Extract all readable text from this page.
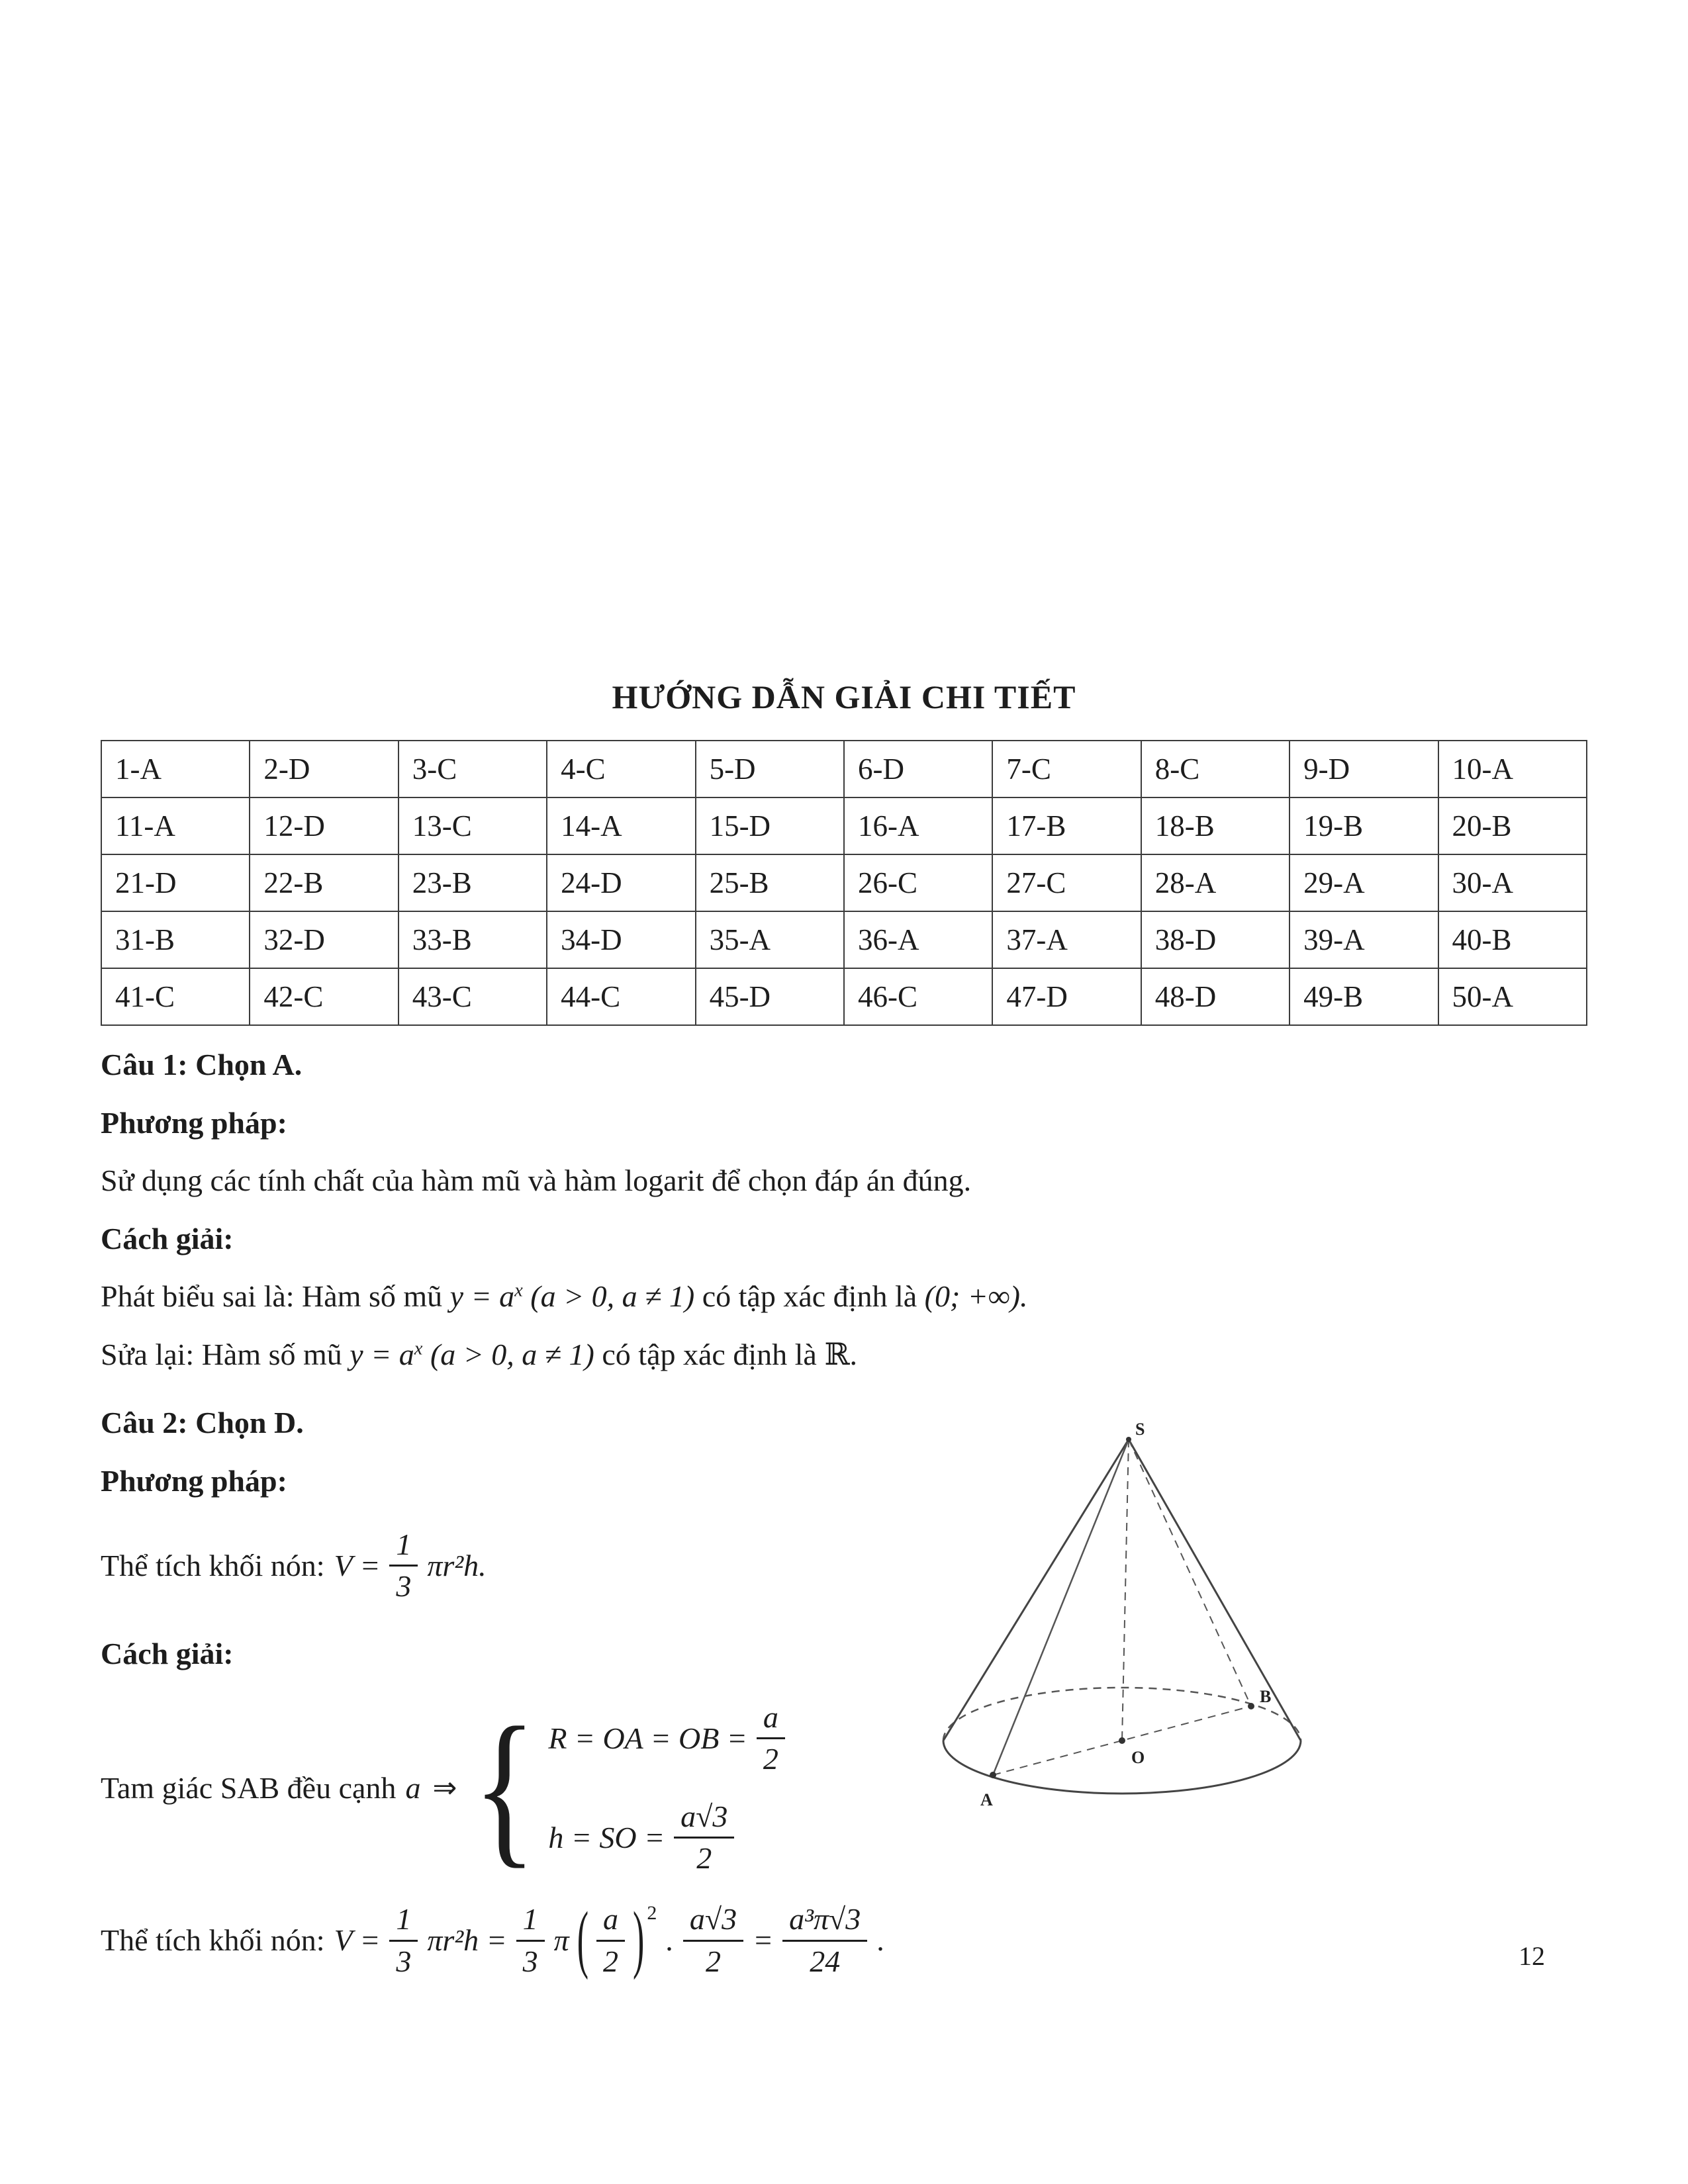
HƯỚNG DẪN GIẢI CHI TIẾT
1-A	2-D	3-C	4-C	5-D	6-D	7-C	8-C	9-D	10-A
11-A	12-D	13-C	14-A	15-D	16-A	17-B	18-B	19-B	20-B
21-D	22-B	23-B	24-D	25-B	26-C	27-C	28-A	29-A	30-A
31-B	32-D	33-B	34-D	35-A	36-A	37-A	38-D	39-A	40-B
41-C	42-C	43-C	44-C	45-D	46-C	47-D	48-D	49-B	50-A

Câu 1: Chọn A.

Phương pháp:

Sử dụng các tính chất của hàm mũ và hàm logarit để chọn đáp án đúng.

Cách giải:

Phát biểu sai là: Hàm số mũ $y = a^x$ (a > 0, a ≠ 1) có tập xác định là (0; +∞).

Sửa lại: Hàm số mũ $y = a^x$ (a > 0, a ≠ 1) có tập xác định là ℝ.

Câu 2: Chọn D.

Phương pháp:

Thể tích khối nón: $V = \frac{1}{3} \pi r^2h$.

Cách giải:

Tam giác SAB đều cạnh a ⇒ { R = OA = OB = $\frac{a}{2}$
h = SO = $\frac{a√3}{2}$
Thể tích khối nón: $V = \frac{1}{3} \pi r^2h = \frac{1}{3}$ π ( $\frac{a}{2} )^2$
. $\frac{a√3}{2} = \frac{\text{a³π√3}}{24}$ .
S
A
B
O
12
